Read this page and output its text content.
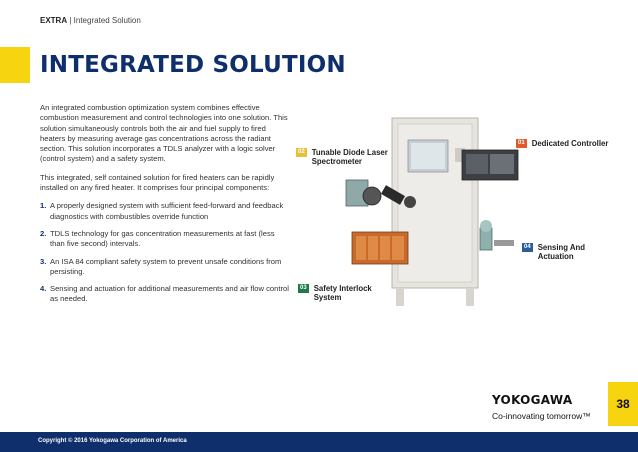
EXTRA | Integrated Solution
INTEGRATED SOLUTION

An integrated combustion optimization system combines effective combustion measurement and control technologies into one solution. This solution simultaneously controls both the air and fuel supply to fired heaters by measuring average gas concentrations across the radiant section. This solution incorporates a TDLS analyzer with a logic solver (control system) and a safety system.

This integrated, self contained solution for fired heaters can be rapidly installed on any fired heater. It comprises four principal components:

1. A properly designed system with sufficient feed-forward and feedback diagnostics with combustibles override function
2. TDLS technology for gas concentration measurements at fast (less than five second) intervals.
3. An ISA 84 compliant safety system to prevent unsafe conditions from persisting.
4. Sensing and actuation for additional measurements and air flow control as needed.
01 Dedicated Controller
02 Tunable Diode Laser
Spectrometer
03 Safety Interlock
System
04 Sensing And
Actuation
YOKOGAWA
Co-innovating tomorrow™
38
Copyright © 2016 Yokogawa Corporation of America
